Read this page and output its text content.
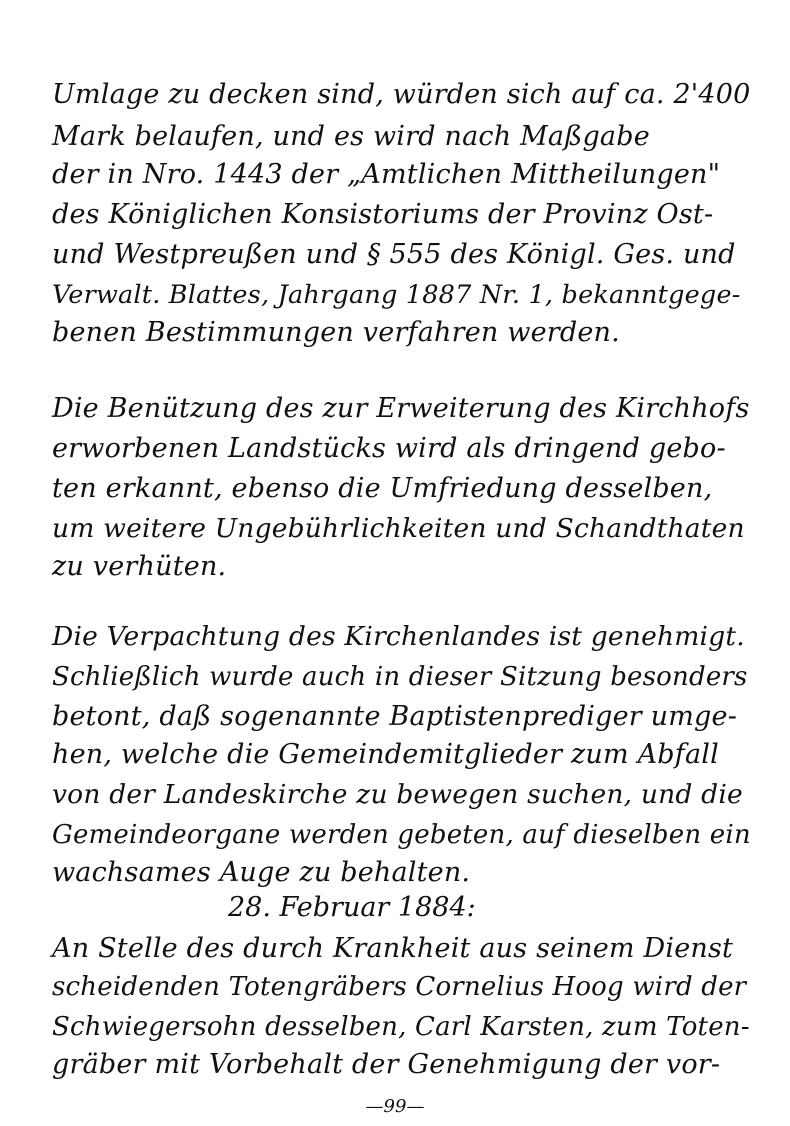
Umlage zu decken sind, würden sich auf ca. 2'400
Mark belaufen, und es wird nach Maßgabe
der in Nro. 1443 der „Amtlichen Mittheilungen"
des Königlichen Konsistoriums der Provinz Ost-
und Westpreußen und § 555 des Königl. Ges. und
Verwalt. Blattes, Jahrgang 1887 Nr. 1, bekanntgege-
benen Bestimmungen verfahren werden.
Die Benützung des zur Erweiterung des Kirchhofs
erworbenen Landstücks wird als dringend gebo-
ten erkannt, ebenso die Umfriedung desselben,
um weitere Ungebührlichkeiten und Schandthaten
zu verhüten.
Die Verpachtung des Kirchenlandes ist genehmigt.
Schließlich wurde auch in dieser Sitzung besonders
betont, daß sogenannte Baptistenprediger umge-
hen, welche die Gemeindemitglieder zum Abfall
von der Landeskirche zu bewegen suchen, und die
Gemeindeorgane werden gebeten, auf dieselben ein
wachsames Auge zu behalten.
28. Februar 1884:
An Stelle des durch Krankheit aus seinem Dienst
scheidenden Totengräbers Cornelius Hoog wird der
Schwiegersohn desselben, Carl Karsten, zum Toten-
gräber mit Vorbehalt der Genehmigung der vor-
—99—
